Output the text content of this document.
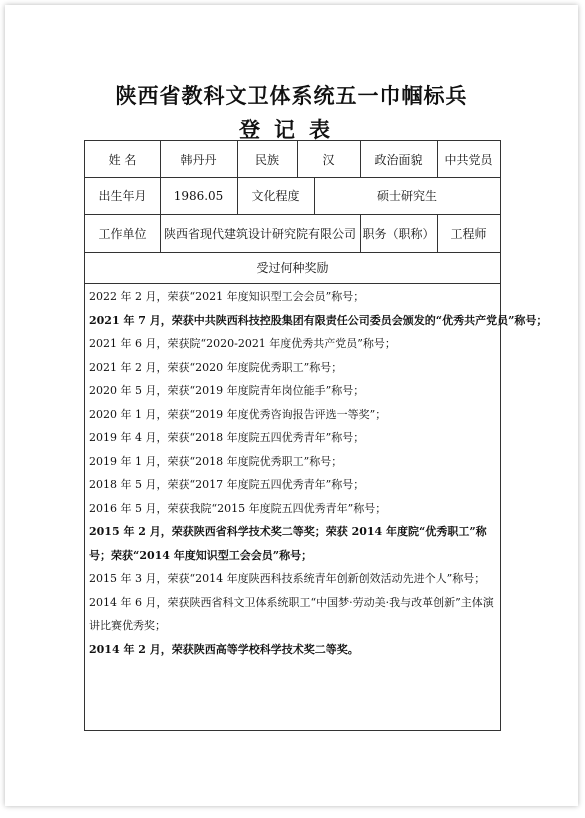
陕西省教科文卫体系统五一巾帼标兵
登记表
姓 名	韩丹丹	民族	汉	政治面貌	中共党员
出生年月	1986.05	文化程度	硕士研究生
工作单位	陕西省现代建筑设计研究院有限公司 职务（职称）	工程师
受过何种奖励
2022 年 2 月，荣获“2021 年度知识型工会会员”称号；
2021 年 7 月，荣获中共陕西科技控股集团有限责任公司委员会颁发的“优秀共产党员”称号；
2021 年 6 月，荣获院“2020-2021 年度优秀共产党员”称号；
2021 年 2 月，荣获“2020 年度院优秀职工”称号；
2020 年 5 月，荣获“2019 年度院青年岗位能手”称号；
2020 年 1 月，荣获“2019 年度优秀咨询报告评选一等奖”；
2019 年 4 月，荣获“2018 年度院五四优秀青年”称号；
2019 年 1 月，荣获“2018 年度院优秀职工”称号；
2018 年 5 月，荣获“2017 年度院五四优秀青年”称号；
2016 年 5 月，荣获我院“2015 年度院五四优秀青年”称号；
2015 年 2 月，荣获陕西省科学技术奖二等奖；荣获 2014 年度院“优秀职工”称号；荣获“2014 年度知识型工会会员”称号；
2015 年 3 月，荣获“2014 年度陕西科技系统青年创新创效活动先进个人”称号；
2014 年 6 月，荣获陕西省科文卫体系统职工“中国梦·劳动美·我与改革创新”主体演讲比赛优秀奖；
2014 年 2 月，荣获陕西高等学校科学技术奖二等奖。
